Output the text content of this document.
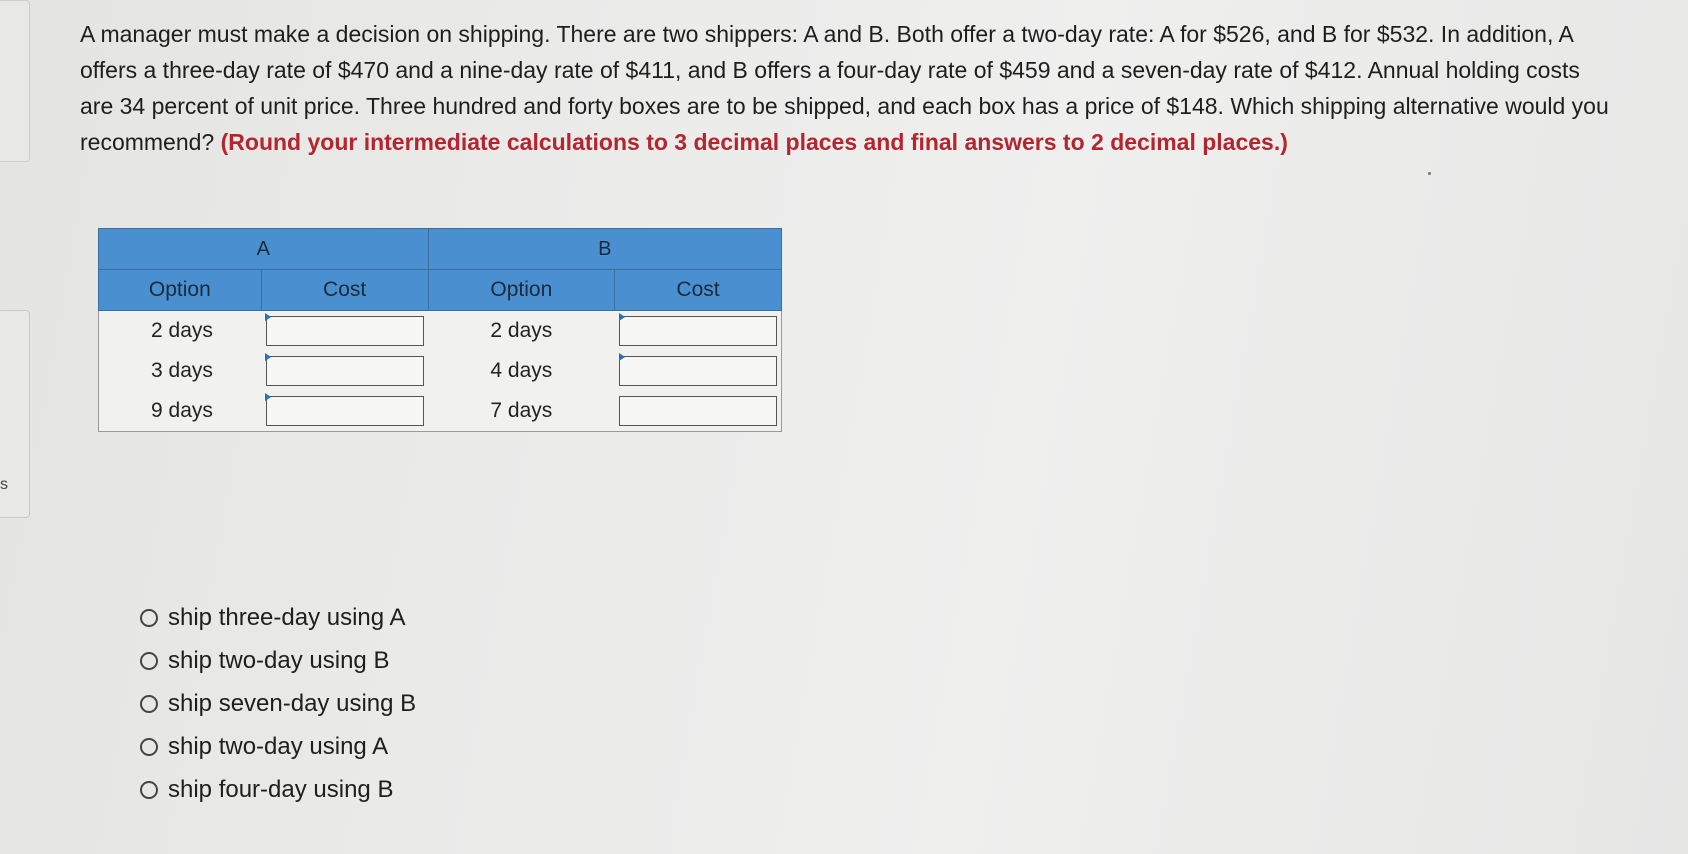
s

A manager must make a decision on shipping. There are two shippers: A and B. Both offer a two-day rate: A for $526, and B for $532. In addition, A offers a three-day rate of $470 and a nine-day rate of $411, and B offers a four-day rate of $459 and a seven-day rate of $412. Annual holding costs are 34 percent of unit price. Three hundred and forty boxes are to be shipped, and each box has a price of $148. Which shipping alternative would you recommend? (Round your intermediate calculations to 3 decimal places and final answers to 2 decimal places.)

A		B	
Option	Cost	Option	Cost
2 days		2 days	

3 days		4 days	

9 days		7 days	
ship three-day using A
ship two-day using B
ship seven-day using B
ship two-day using A
ship four-day using B
